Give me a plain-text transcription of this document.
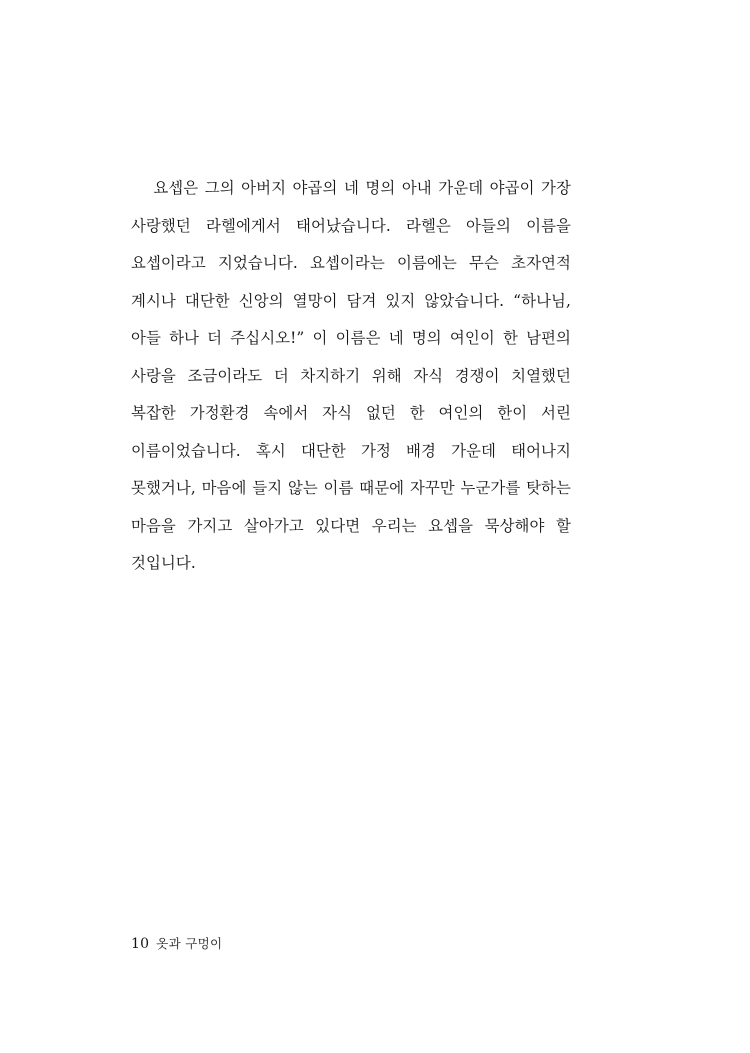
요셉은 그의 아버지 야곱의 네 명의 아내 가운데 야곱이 가장 사랑했던 라헬에게서 태어났습니다. 라헬은 아들의 이름을 요셉이라고 지었습니다. 요셉이라는 이름에는 무슨 초자연적 계시나 대단한 신앙의 열망이 담겨 있지 않았습니다. “하나님, 아들 하나 더 주십시오!” 이 이름은 네 명의 여인이 한 남편의 사랑을 조금이라도 더 차지하기 위해 자식 경쟁이 치열했던 복잡한 가정환경 속에서 자식 없던 한 여인의 한이 서린 이름이었습니다. 혹시 대단한 가정 배경 가운데 태어나지 못했거나, 마음에 들지 않는 이름 때문에 자꾸만 누군가를 탓하는 마음을 가지고 살아가고 있다면 우리는 요셉을 묵상해야 할 것입니다.

10 옷과 구멍이
